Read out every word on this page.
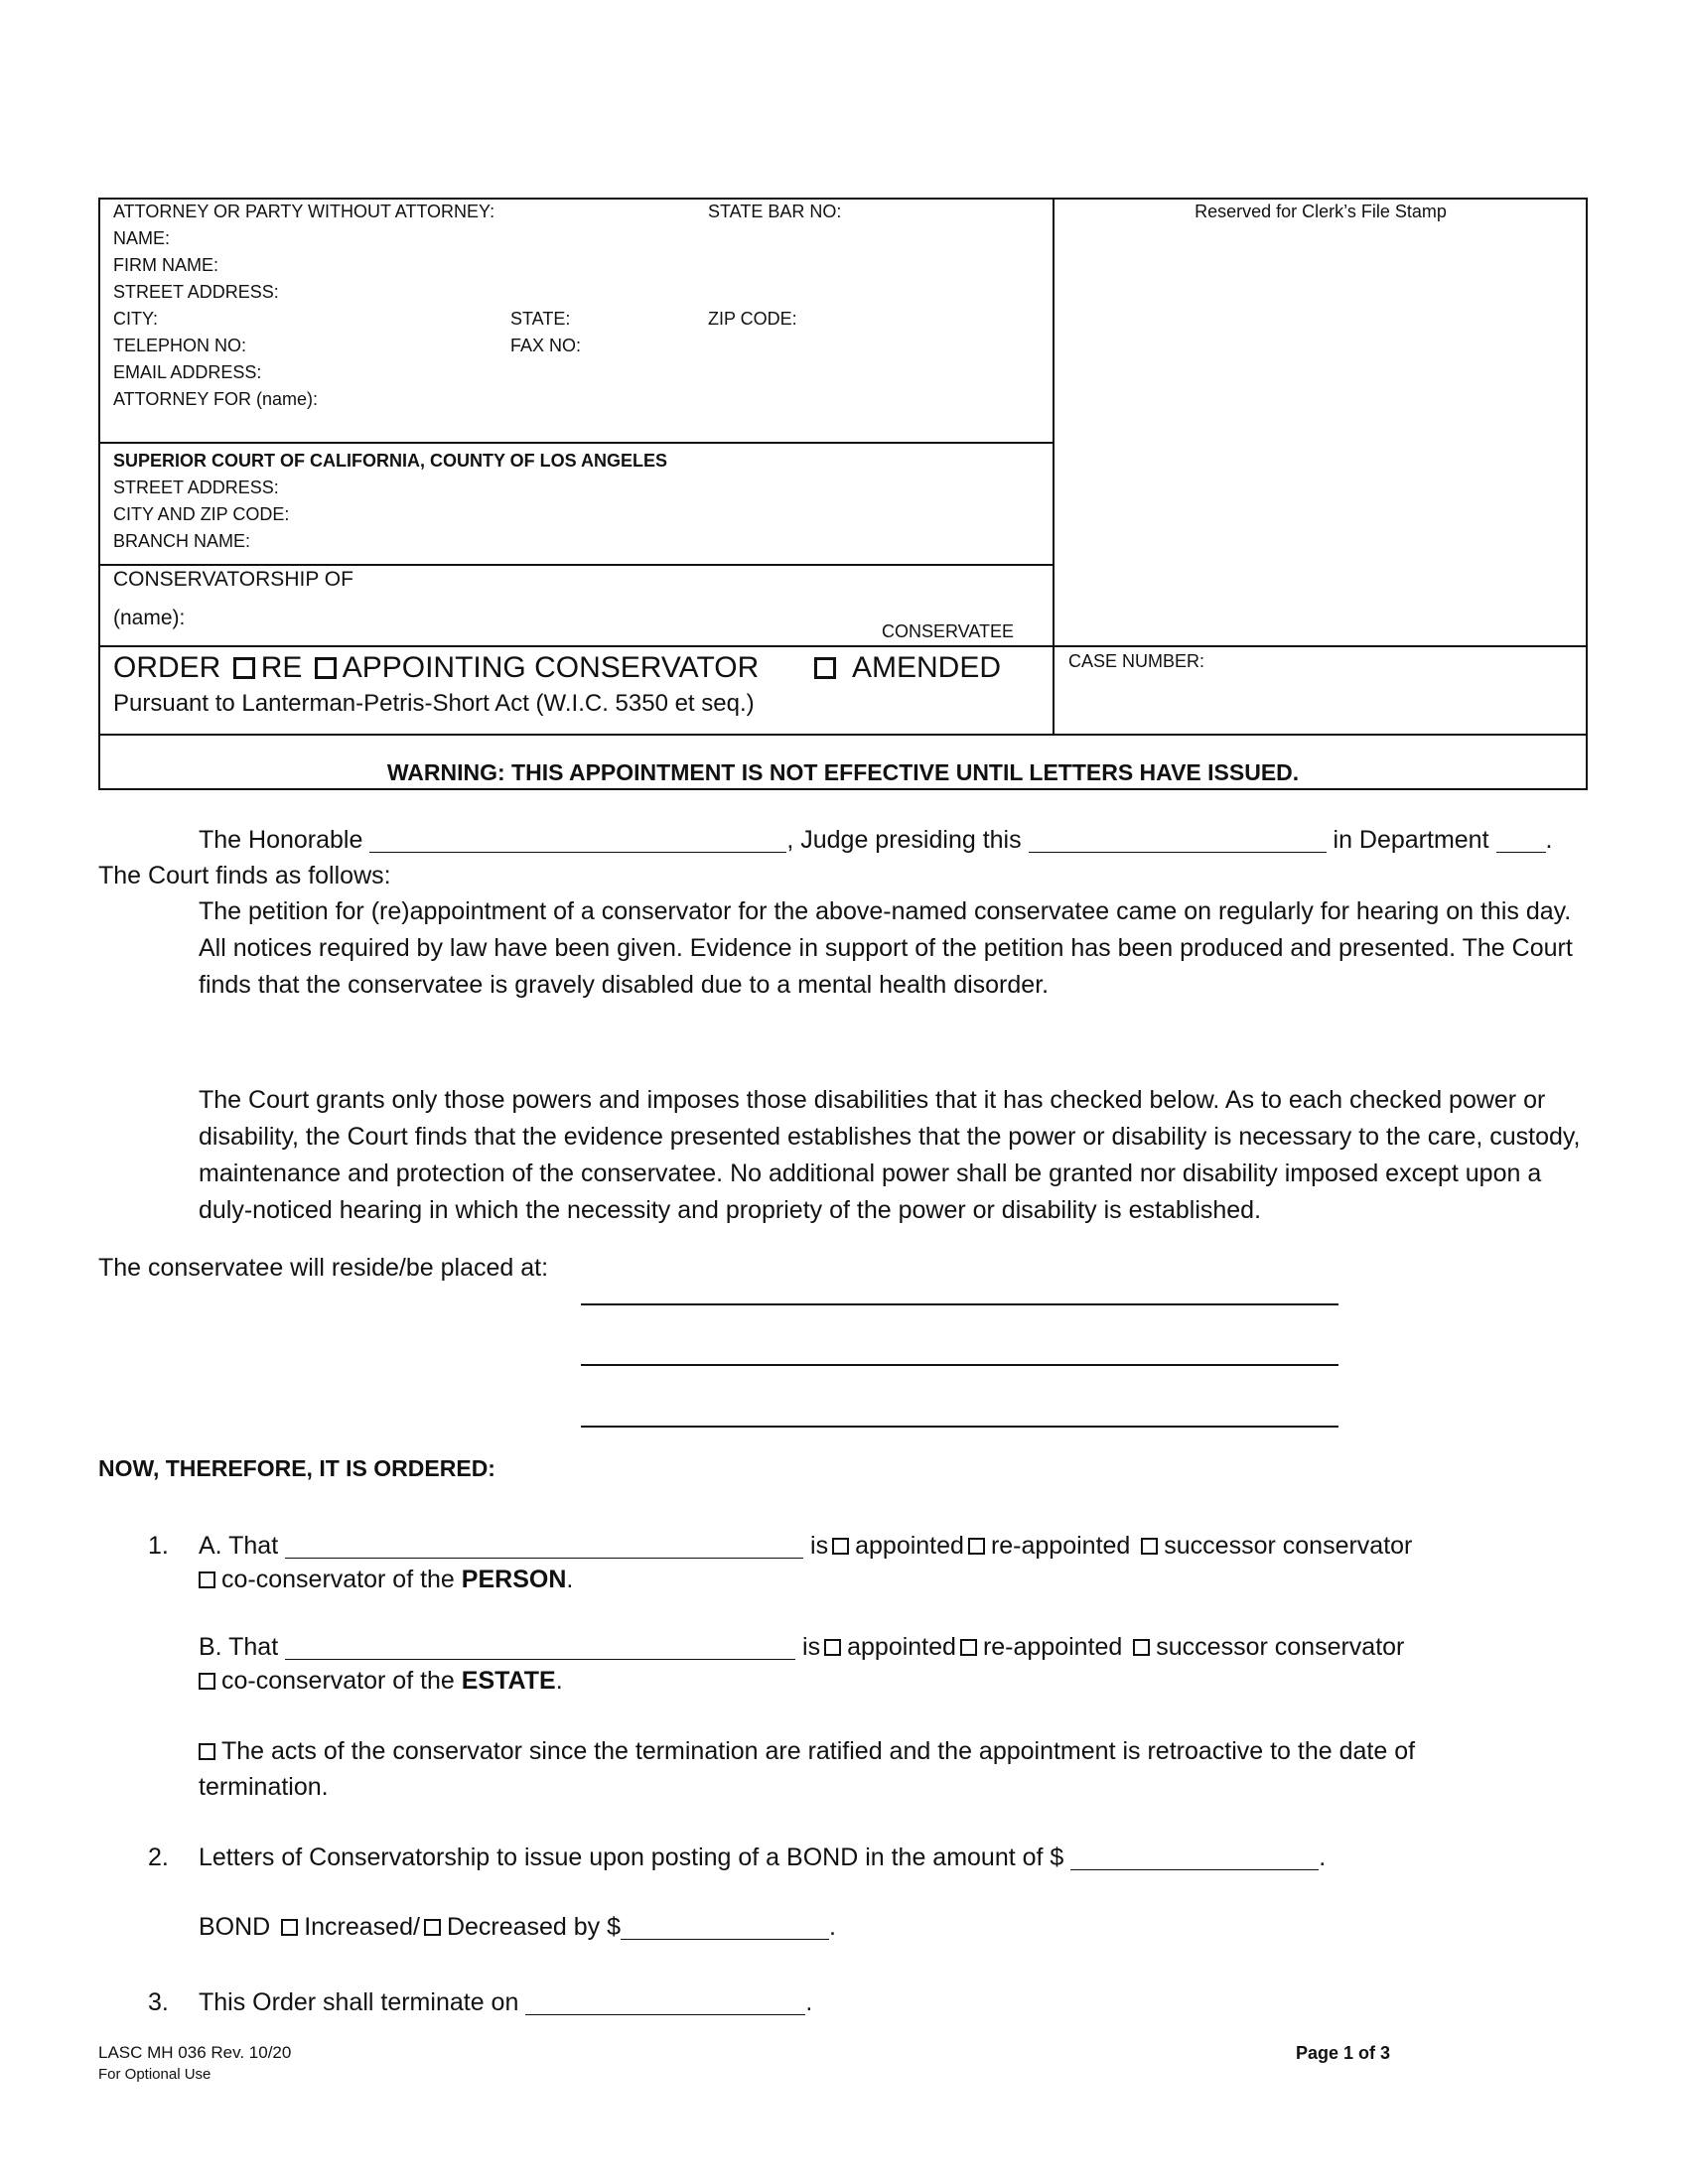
ATTORNEY OR PARTY WITHOUT ATTORNEY:	STATE BAR NO:
NAME:
FIRM NAME:
STREET ADDRESS:
CITY:	STATE:	ZIP CODE:
TELEPHON NO:	FAX NO:
EMAIL ADDRESS:
ATTORNEY FOR (name):
Reserved for Clerk’s File Stamp
SUPERIOR COURT OF CALIFORNIA, COUNTY OF LOS ANGELES
STREET ADDRESS:
CITY AND ZIP CODE:
BRANCH NAME:
CONSERVATORSHIP OF
(name):
CONSERVATEE
ORDER RE APPOINTING CONSERVATOR	AMENDED
Pursuant to Lanterman-Petris-Short Act (W.I.C. 5350 et seq.)
CASE NUMBER:
WARNING: THIS APPOINTMENT IS NOT EFFECTIVE UNTIL LETTERS HAVE ISSUED.
The Honorable	, Judge presiding this	in Department .
The Court finds as follows:

The petition for (re)appointment of a conservator for the above-named conservatee came on regularly for hearing on this day. All notices required by law have been given. Evidence in support of the petition has been produced and presented. The Court finds that the conservatee is gravely disabled due to a mental health disorder.

The Court grants only those powers and imposes those disabilities that it has checked below. As to each checked power or disability, the Court finds that the evidence presented establishes that the power or disability is necessary to the care, custody, maintenance and protection of the conservatee. No additional power shall be granted nor disability imposed except upon a duly-noticed hearing in which the necessity and propriety of the power or disability is established.

The conservatee will reside/be placed at:
NOW, THEREFORE, IT IS ORDERED:
1. A. That	is appointed re-appointed successor conservator
co-conservator of the PERSON.
B. That	is appointed re-appointed successor conservator
co-conservator of the ESTATE.
The acts of the conservator since the termination are ratified and the appointment is retroactive to the date of termination.
2. Letters of Conservatorship to issue upon posting of a BOND in the amount of $	.
BOND Increased/ Decreased by $	.
3. This Order shall terminate on	.
LASC MH 036 Rev. 10/20
For Optional Use
Page 1 of 3
